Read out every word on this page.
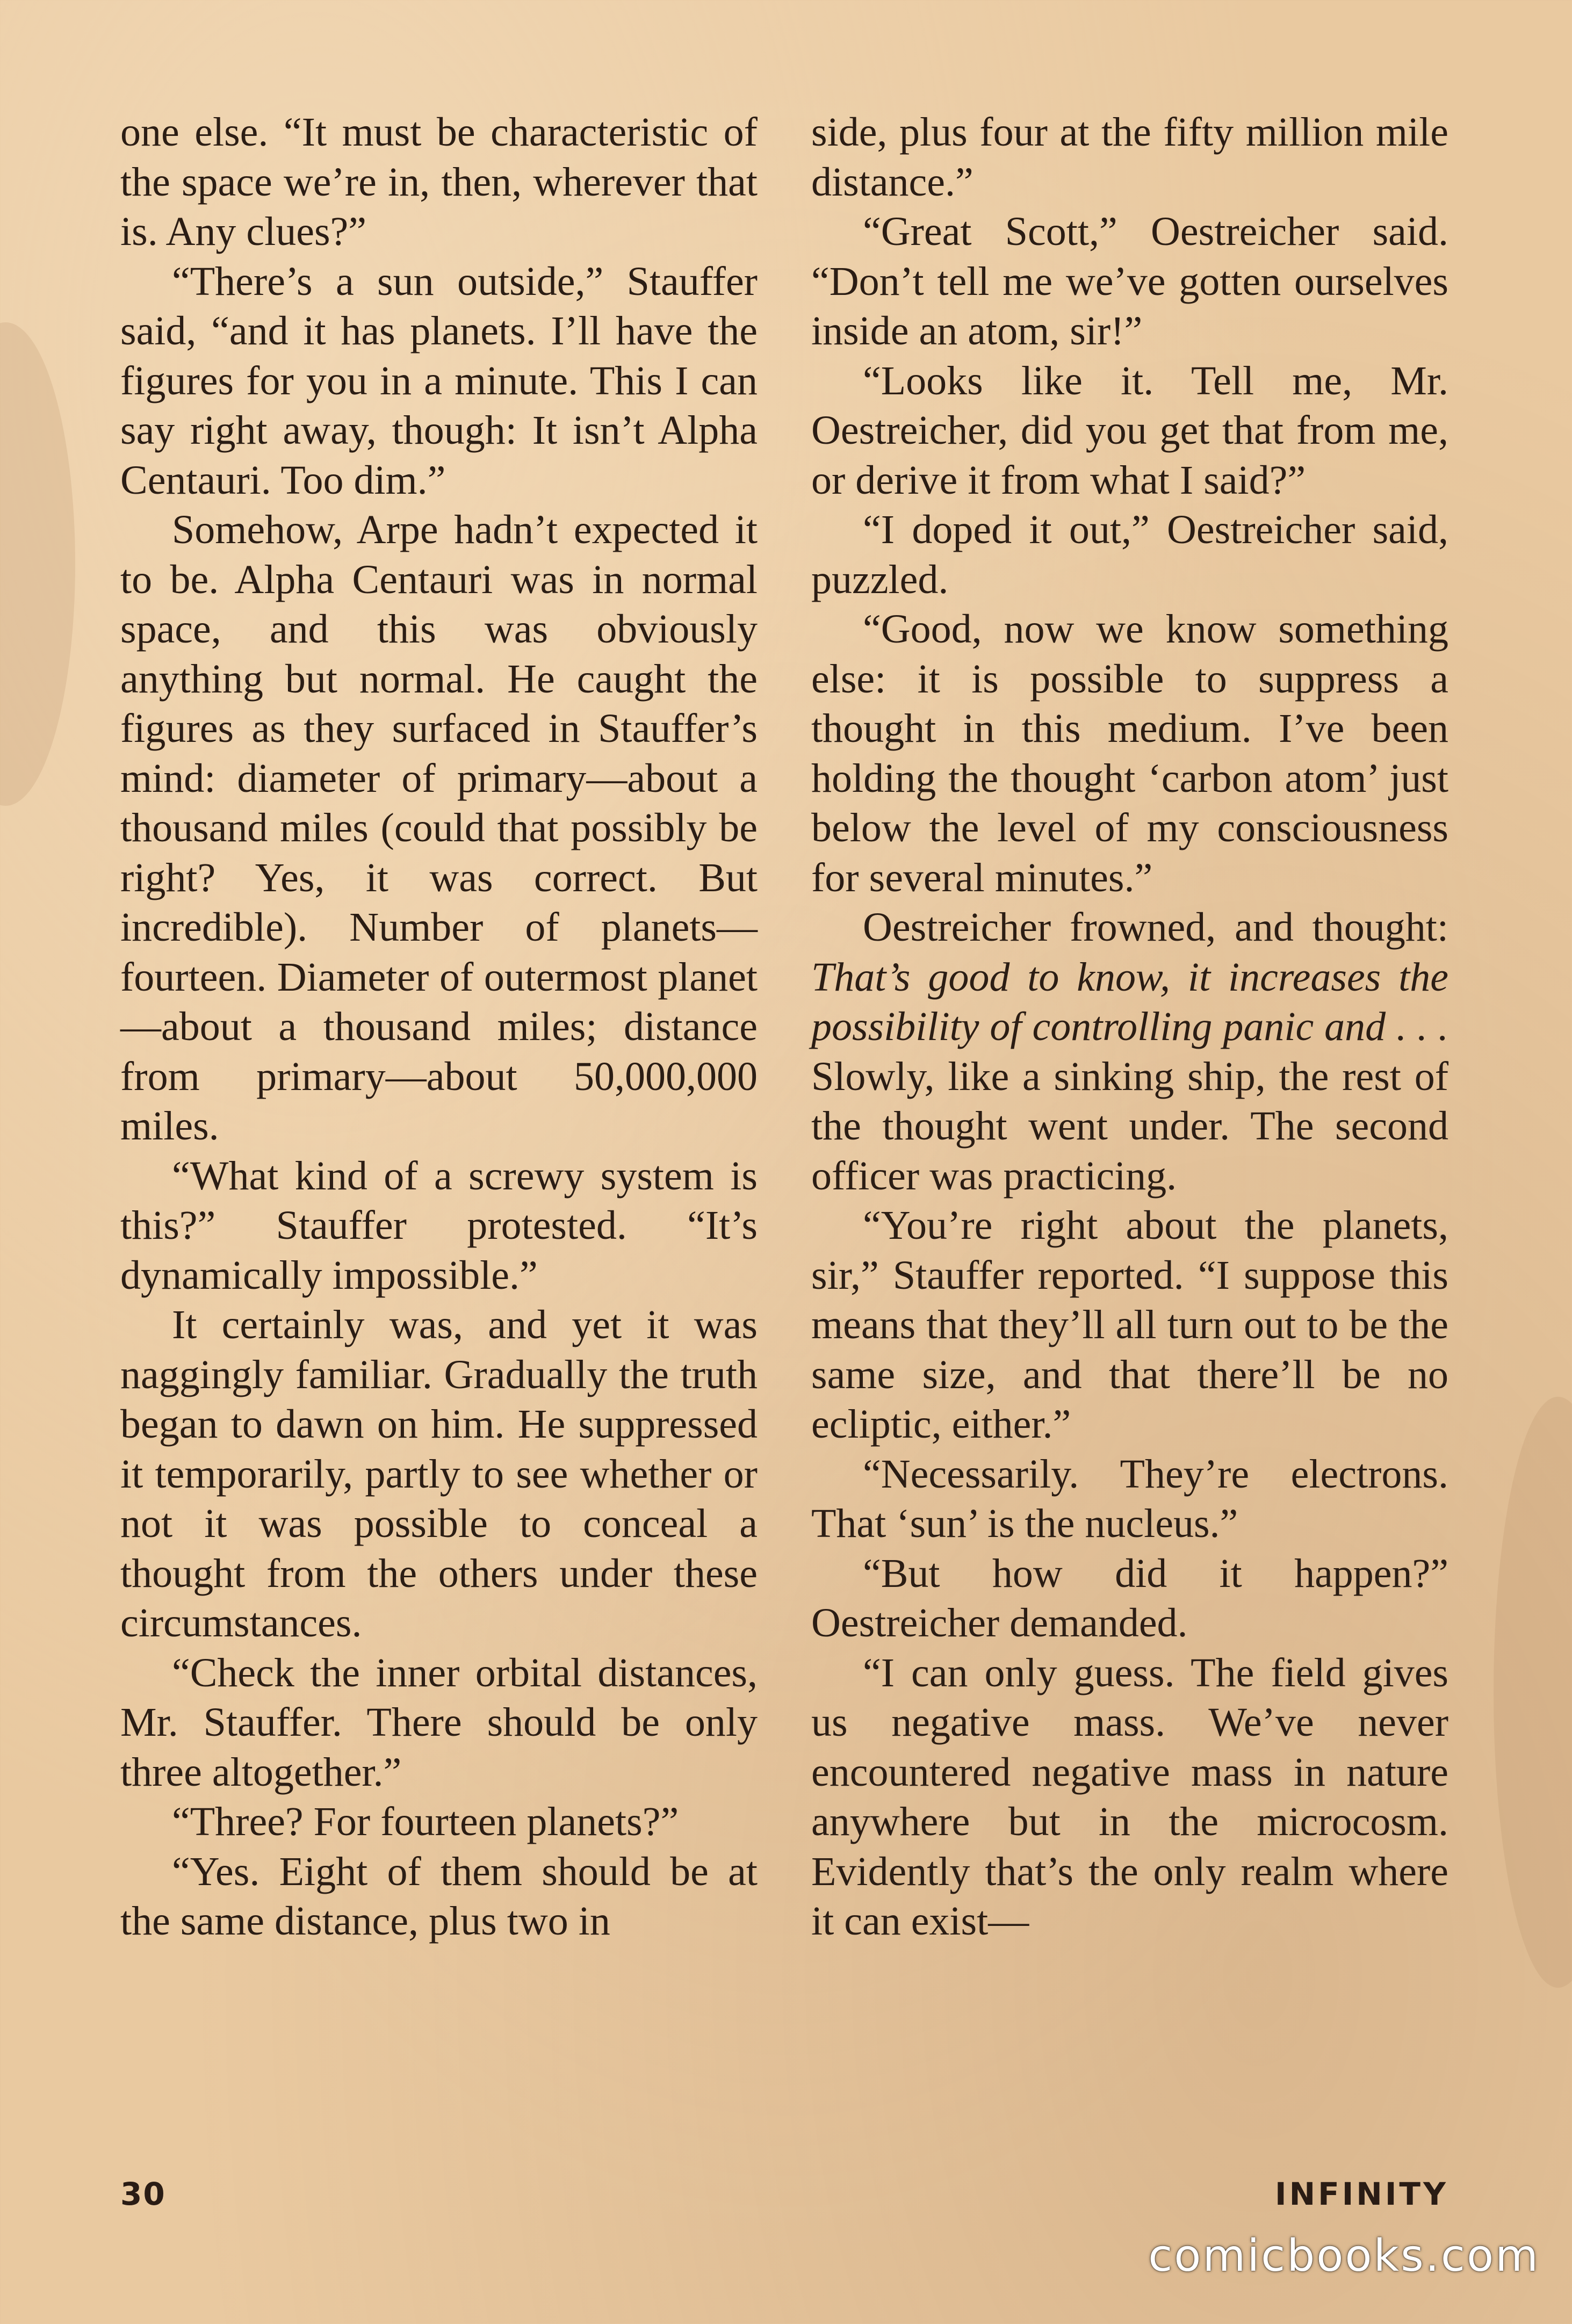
one else. “It must be characteristic of the space we’re in, then, wherever that is. Any clues?”

“There’s a sun outside,” Stauffer said, “and it has planets. I’ll have the figures for you in a minute. This I can say right away, though: It isn’t Alpha Centauri. Too dim.”

Somehow, Arpe hadn’t expected it to be. Alpha Centauri was in normal space, and this was obviously anything but normal. He caught the figures as they surfaced in Stauffer’s mind: diameter of primary—about a thousand miles (could that possibly be right? Yes, it was correct. But incredible). Number of planets—fourteen. Diameter of outermost planet—about a thousand miles; distance from primary—about 50,000,000 miles.

“What kind of a screwy system is this?” Stauffer protested. “It’s dynamically impossible.”

It certainly was, and yet it was naggingly familiar. Gradually the truth began to dawn on him. He suppressed it temporarily, partly to see whether or not it was possible to conceal a thought from the others under these circumstances.

“Check the inner orbital distances, Mr. Stauffer. There should be only three altogether.”

“Three? For fourteen planets?”

“Yes. Eight of them should be at the same distance, plus two in

side, plus four at the fifty million mile distance.”

“Great Scott,” Oestreicher said. “Don’t tell me we’ve gotten ourselves inside an atom, sir!”

“Looks like it. Tell me, Mr. Oestreicher, did you get that from me, or derive it from what I said?”

“I doped it out,” Oestreicher said, puzzled.

“Good, now we know something else: it is possible to suppress a thought in this medium. I’ve been holding the thought ‘carbon atom’ just below the level of my consciousness for several minutes.”

Oestreicher frowned, and thought: That’s good to know, it increases the possibility of controlling panic and . . . Slowly, like a sinking ship, the rest of the thought went under. The second officer was practicing.

“You’re right about the planets, sir,” Stauffer reported. “I suppose this means that they’ll all turn out to be the same size, and that there’ll be no ecliptic, either.”

“Necessarily. They’re electrons. That ‘sun’ is the nucleus.”

“But how did it happen?” Oestreicher demanded.

“I can only guess. The field gives us negative mass. We’ve never encountered negative mass in nature anywhere but in the microcosm. Evidently that’s the only realm where it can exist—

30	INFINITY
comicbooks.com
